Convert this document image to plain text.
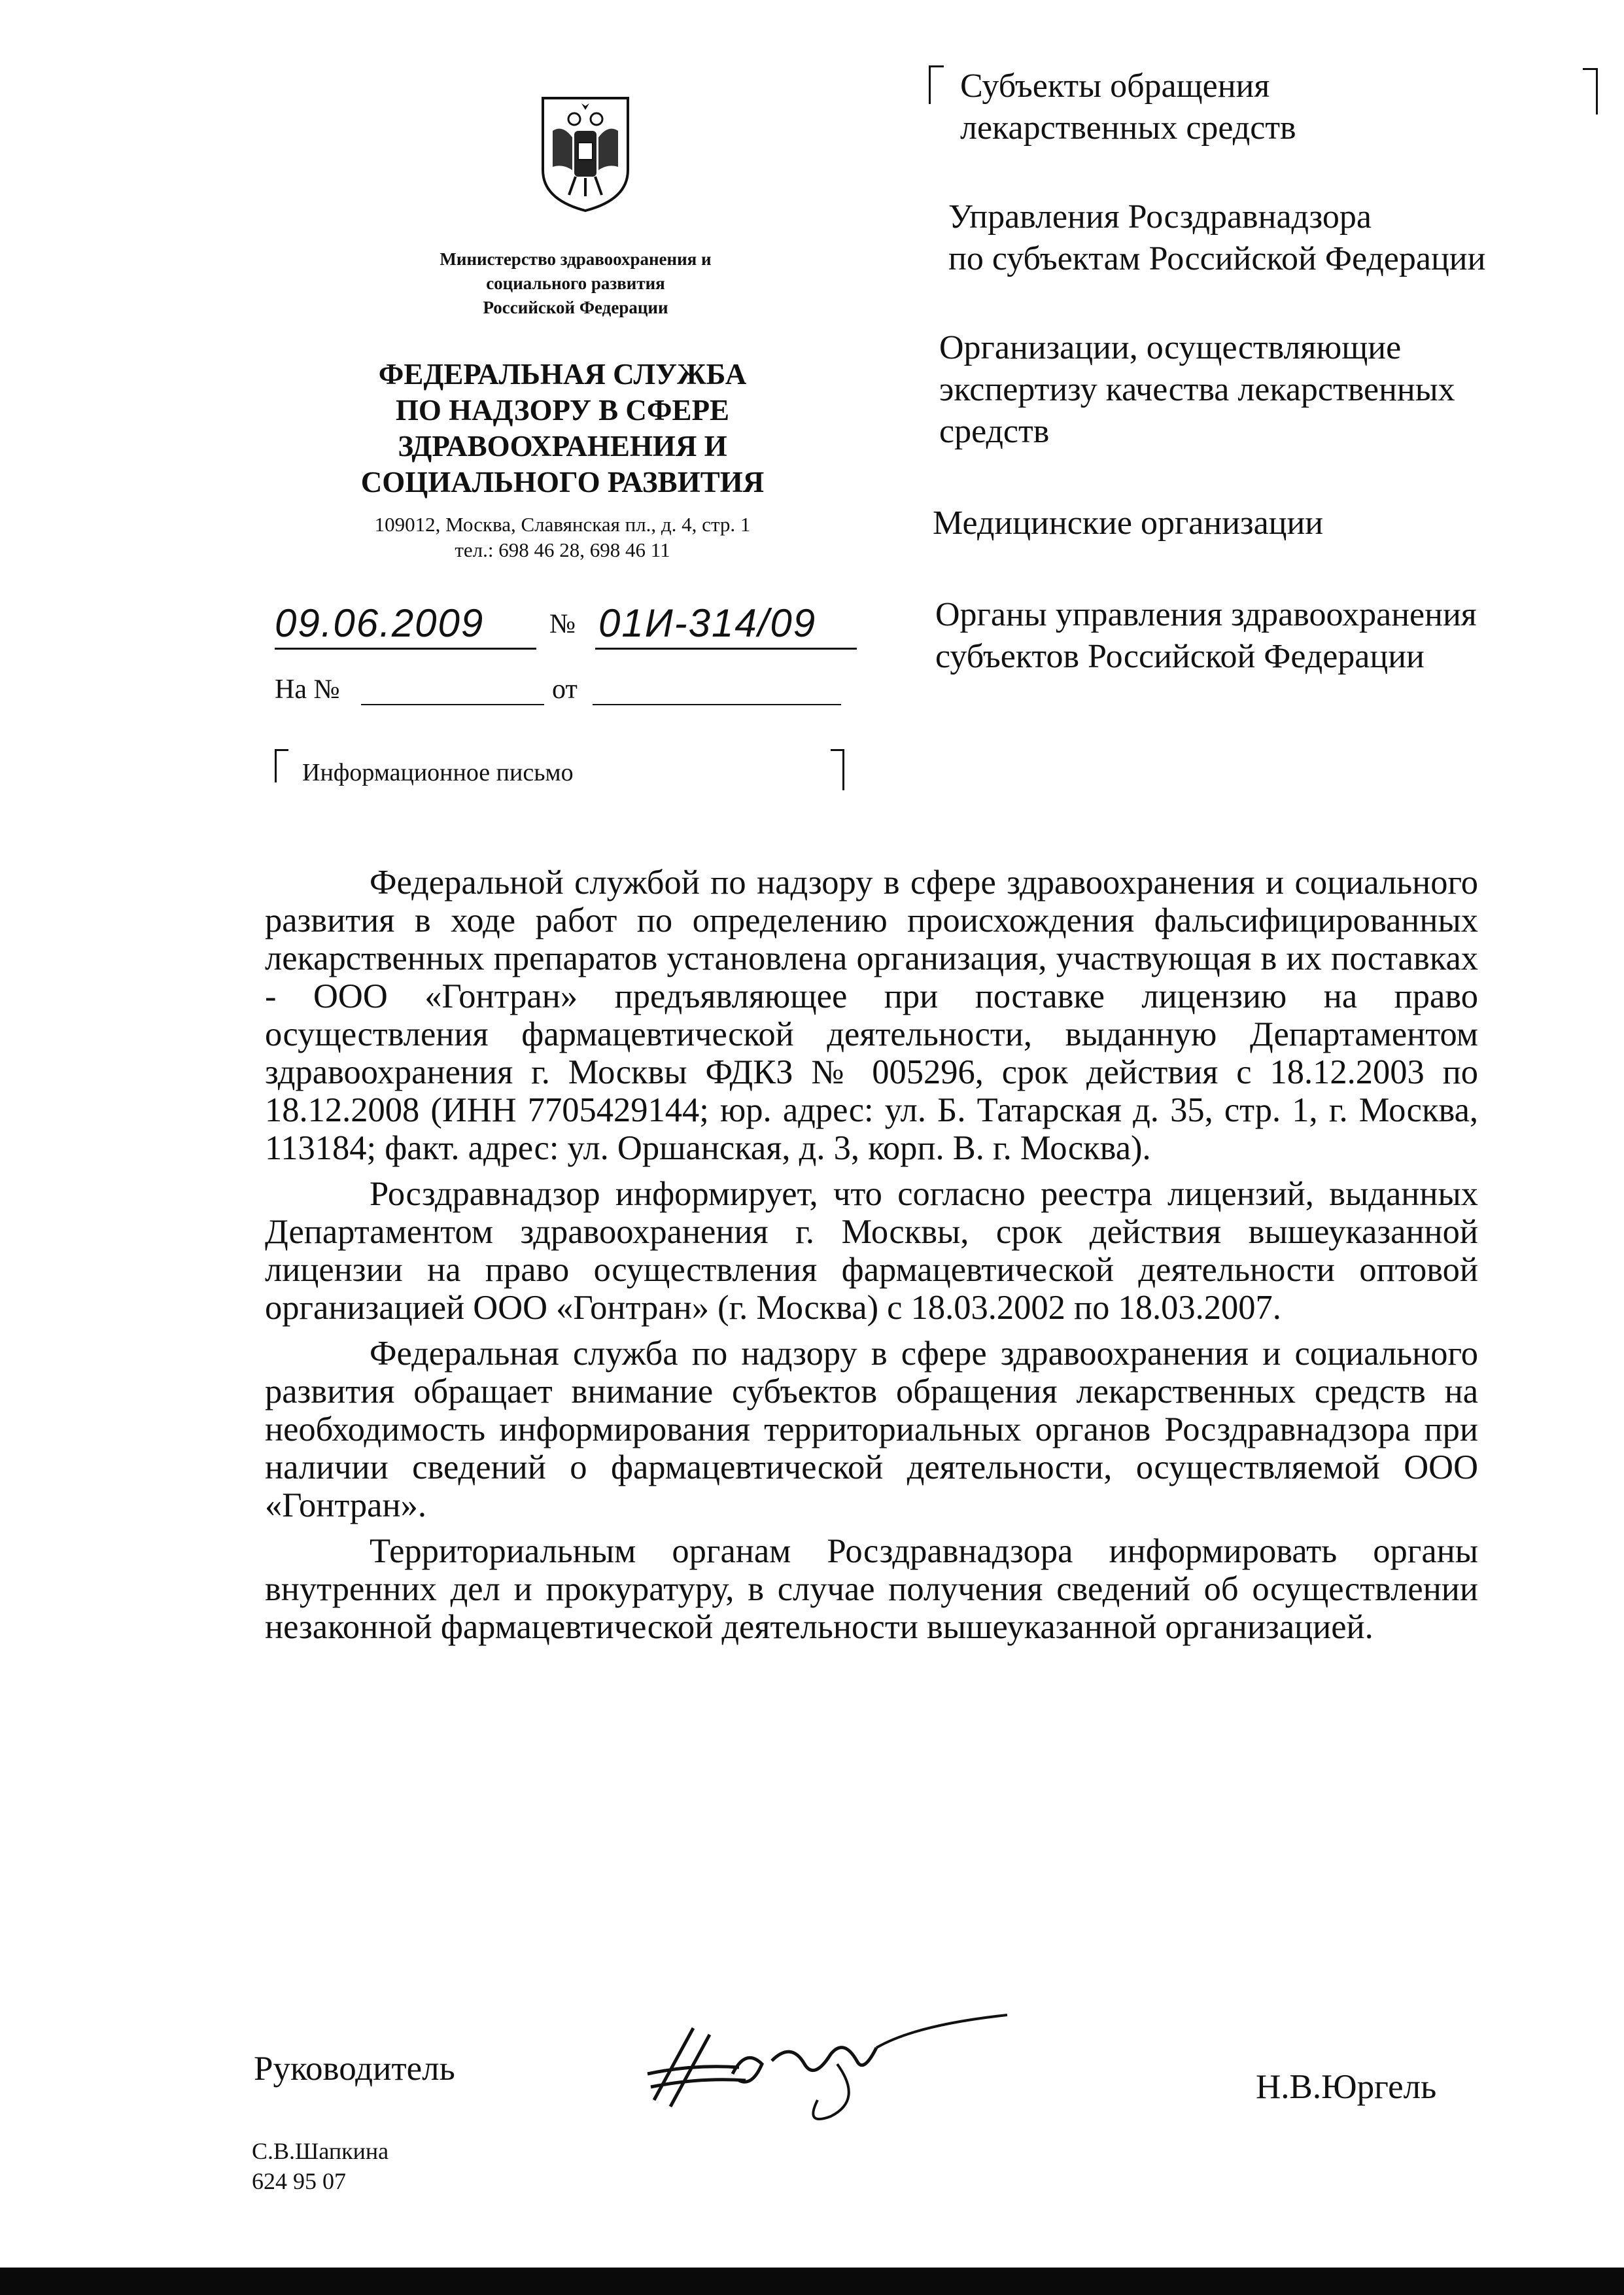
Министерство здравоохранения и
социального развития
Российской Федерации
ФЕДЕРАЛЬНАЯ СЛУЖБА
ПО НАДЗОРУ В СФЕРЕ
ЗДРАВООХРАНЕНИЯ И
СОЦИАЛЬНОГО РАЗВИТИЯ
109012, Москва, Славянская пл., д. 4, стр. 1
тел.: 698 46 28, 698 46 11
09.06.2009 № 01И-314/09
На №	от
Информационное письмо
Субъекты обращения
лекарственных средств
Управления Росздравнадзора
по субъектам Российской Федерации
Организации, осуществляющие
экспертизу качества лекарственных
средств
Медицинские организации
Органы управления здравоохранения
субъектов Российской Федерации

Федеральной службой по надзору в сфере здравоохранения и социального развития в ходе работ по определению происхождения фальсифицированных лекарственных препаратов установлена организация, участвующая в их поставках - ООО «Гонтран» предъявляющее при поставке лицензию на право осуществления фармацевтической деятельности, выданную Департаментом здравоохранения г. Москвы ФДКЗ № 005296, срок действия с 18.12.2003 по 18.12.2008 (ИНН 7705429144; юр. адрес: ул. Б. Татарская д. 35, стр. 1, г. Москва, 113184; факт. адрес: ул. Оршанская, д. 3, корп. В. г. Москва).

Росздравнадзор информирует, что согласно реестра лицензий, выданных Департаментом здравоохранения г. Москвы, срок действия вышеуказанной лицензии на право осуществления фармацевтической деятельности оптовой организацией ООО «Гонтран» (г. Москва) с 18.03.2002 по 18.03.2007.

Федеральная служба по надзору в сфере здравоохранения и социального развития обращает внимание субъектов обращения лекарственных средств на необходимость информирования территориальных органов Росздравнадзора при наличии сведений о фармацевтической деятельности, осуществляемой ООО «Гонтран».

Территориальным органам Росздравнадзора информировать органы внутренних дел и прокуратуру, в случае получения сведений об осуществлении незаконной фармацевтической деятельности вышеуказанной организацией.

Руководитель	Н.В.Юргель
С.В.Шапкина
624 95 07
